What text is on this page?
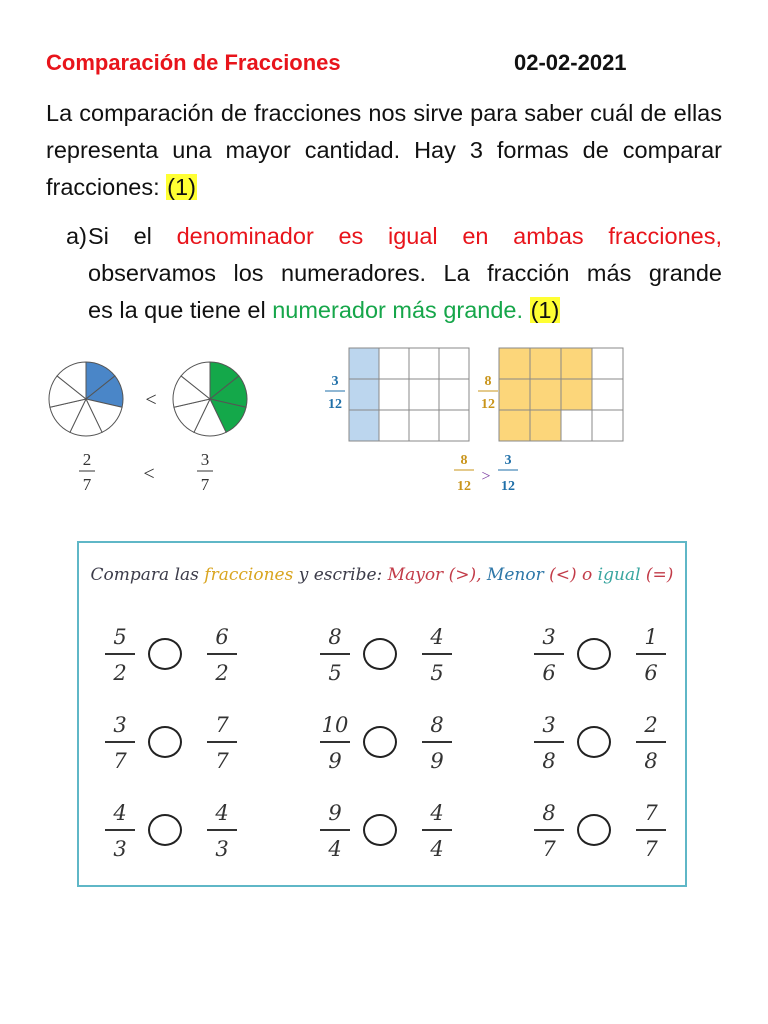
Comparación de Fracciones	02-02-2021
La comparación de fracciones nos sirve para saber cuál de ellas representa una mayor cantidad. Hay 3 formas de comparar fracciones: (1)
a) Si el denominador es igual en ambas fracciones,
observamos los numeradores. La fracción más grande
es la que tiene el numerador más grande. (1)
<
2
7	<
3
7
3
12
8
12
8
12
>
3
12
Compara las fracciones y escribe: Mayor (>), Menor (<) o igual (=)
5
2
6
2
8
5
4
5
3
6
1
6
3
7
7
7
10
9
8
9
3
8
2
8
4
3
4
3
9
4
4
4
8
7
7
7
